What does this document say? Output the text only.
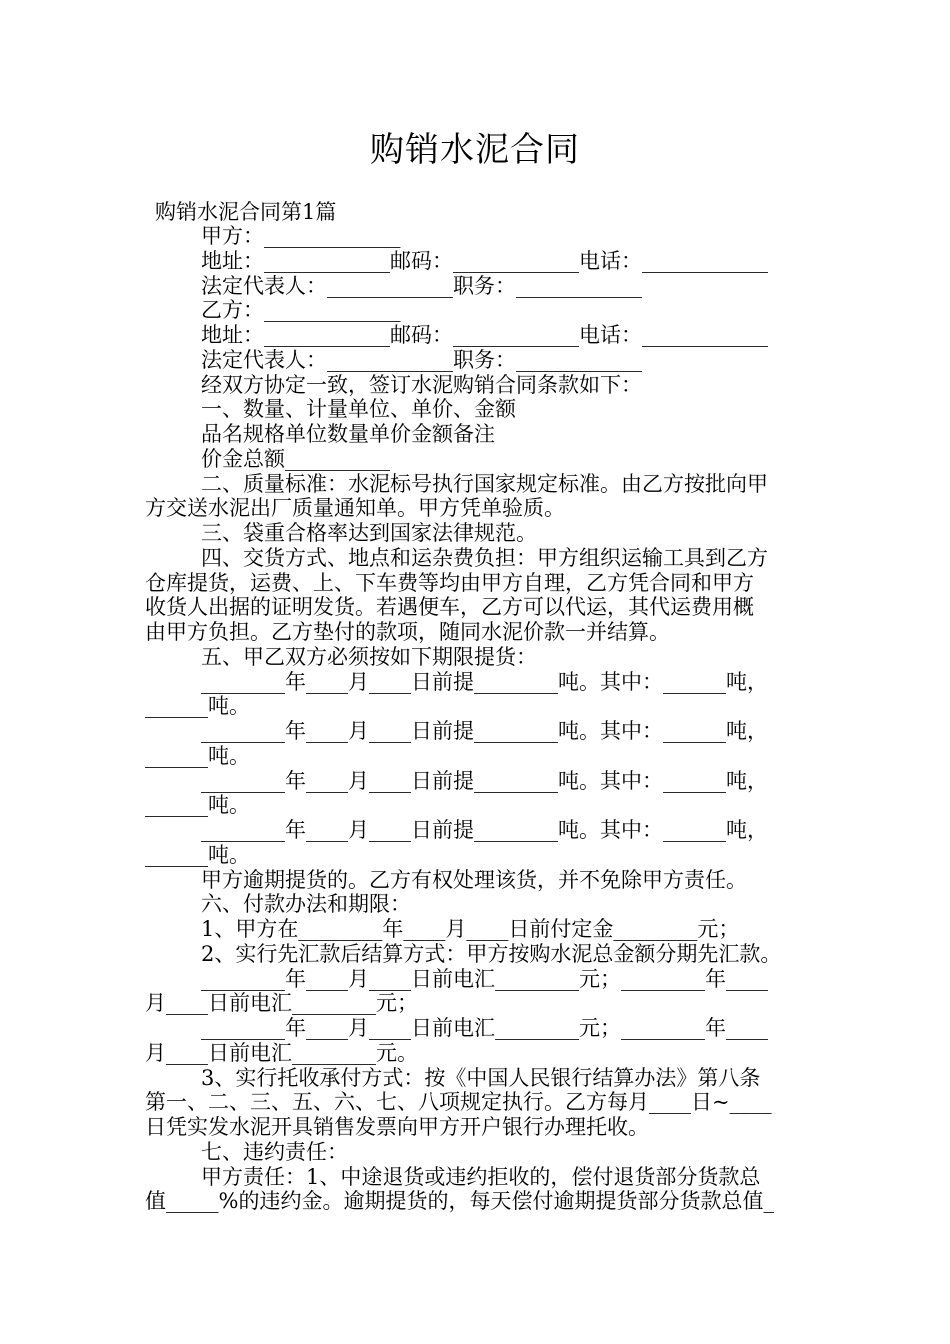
购销水泥合同
购销水泥合同第1篇
甲方：_____________
地址：____________邮码：____________电话：____________
法定代表人：____________职务：____________
乙方：_____________
地址：____________邮码：____________电话：____________
法定代表人：____________职务：____________
经双方协定一致，签订水泥购销合同条款如下：
一、数量、计量单位、单价、金额
品名规格单位数量单价金额备注
价金总额__________
二、质量标准：水泥标号执行国家规定标准。由乙方按批向甲
方交送水泥出厂质量通知单。甲方凭单验质。
三、袋重合格率达到国家法律规范。
四、交货方式、地点和运杂费负担：甲方组织运输工具到乙方
仓库提货，运费、上、下车费等均由甲方自理，乙方凭合同和甲方
收货人出据的证明发货。若遇便车，乙方可以代运，其代运费用概
由甲方负担。乙方垫付的款项，随同水泥价款一并结算。
五、甲乙双方必须按如下期限提货：
________年____月____日前提________吨。其中：______吨，
______吨。
________年____月____日前提________吨。其中：______吨，
______吨。
________年____月____日前提________吨。其中：______吨，
______吨。
________年____月____日前提________吨。其中：______吨，
______吨。
甲方逾期提货的。乙方有权处理该货，并不免除甲方责任。
六、付款办法和期限：
1、甲方在________年____月____日前付定金________元；
2、实行先汇款后结算方式：甲方按购水泥总金额分期先汇款。
________年____月____日前电汇________元；________年____
月____日前电汇________元；
________年____月____日前电汇________元；________年____
月____日前电汇________元。
3、实行托收承付方式：按《中国人民银行结算办法》第八条
第一、二、三、五、六、七、八项规定执行。乙方每月____日~____
日凭实发水泥开具销售发票向甲方开户银行办理托收。
七、违约责任：
甲方责任：1、中途退货或违约拒收的，偿付退货部分货款总
值_____%的违约金。逾期提货的，每天偿付逾期提货部分货款总值_
